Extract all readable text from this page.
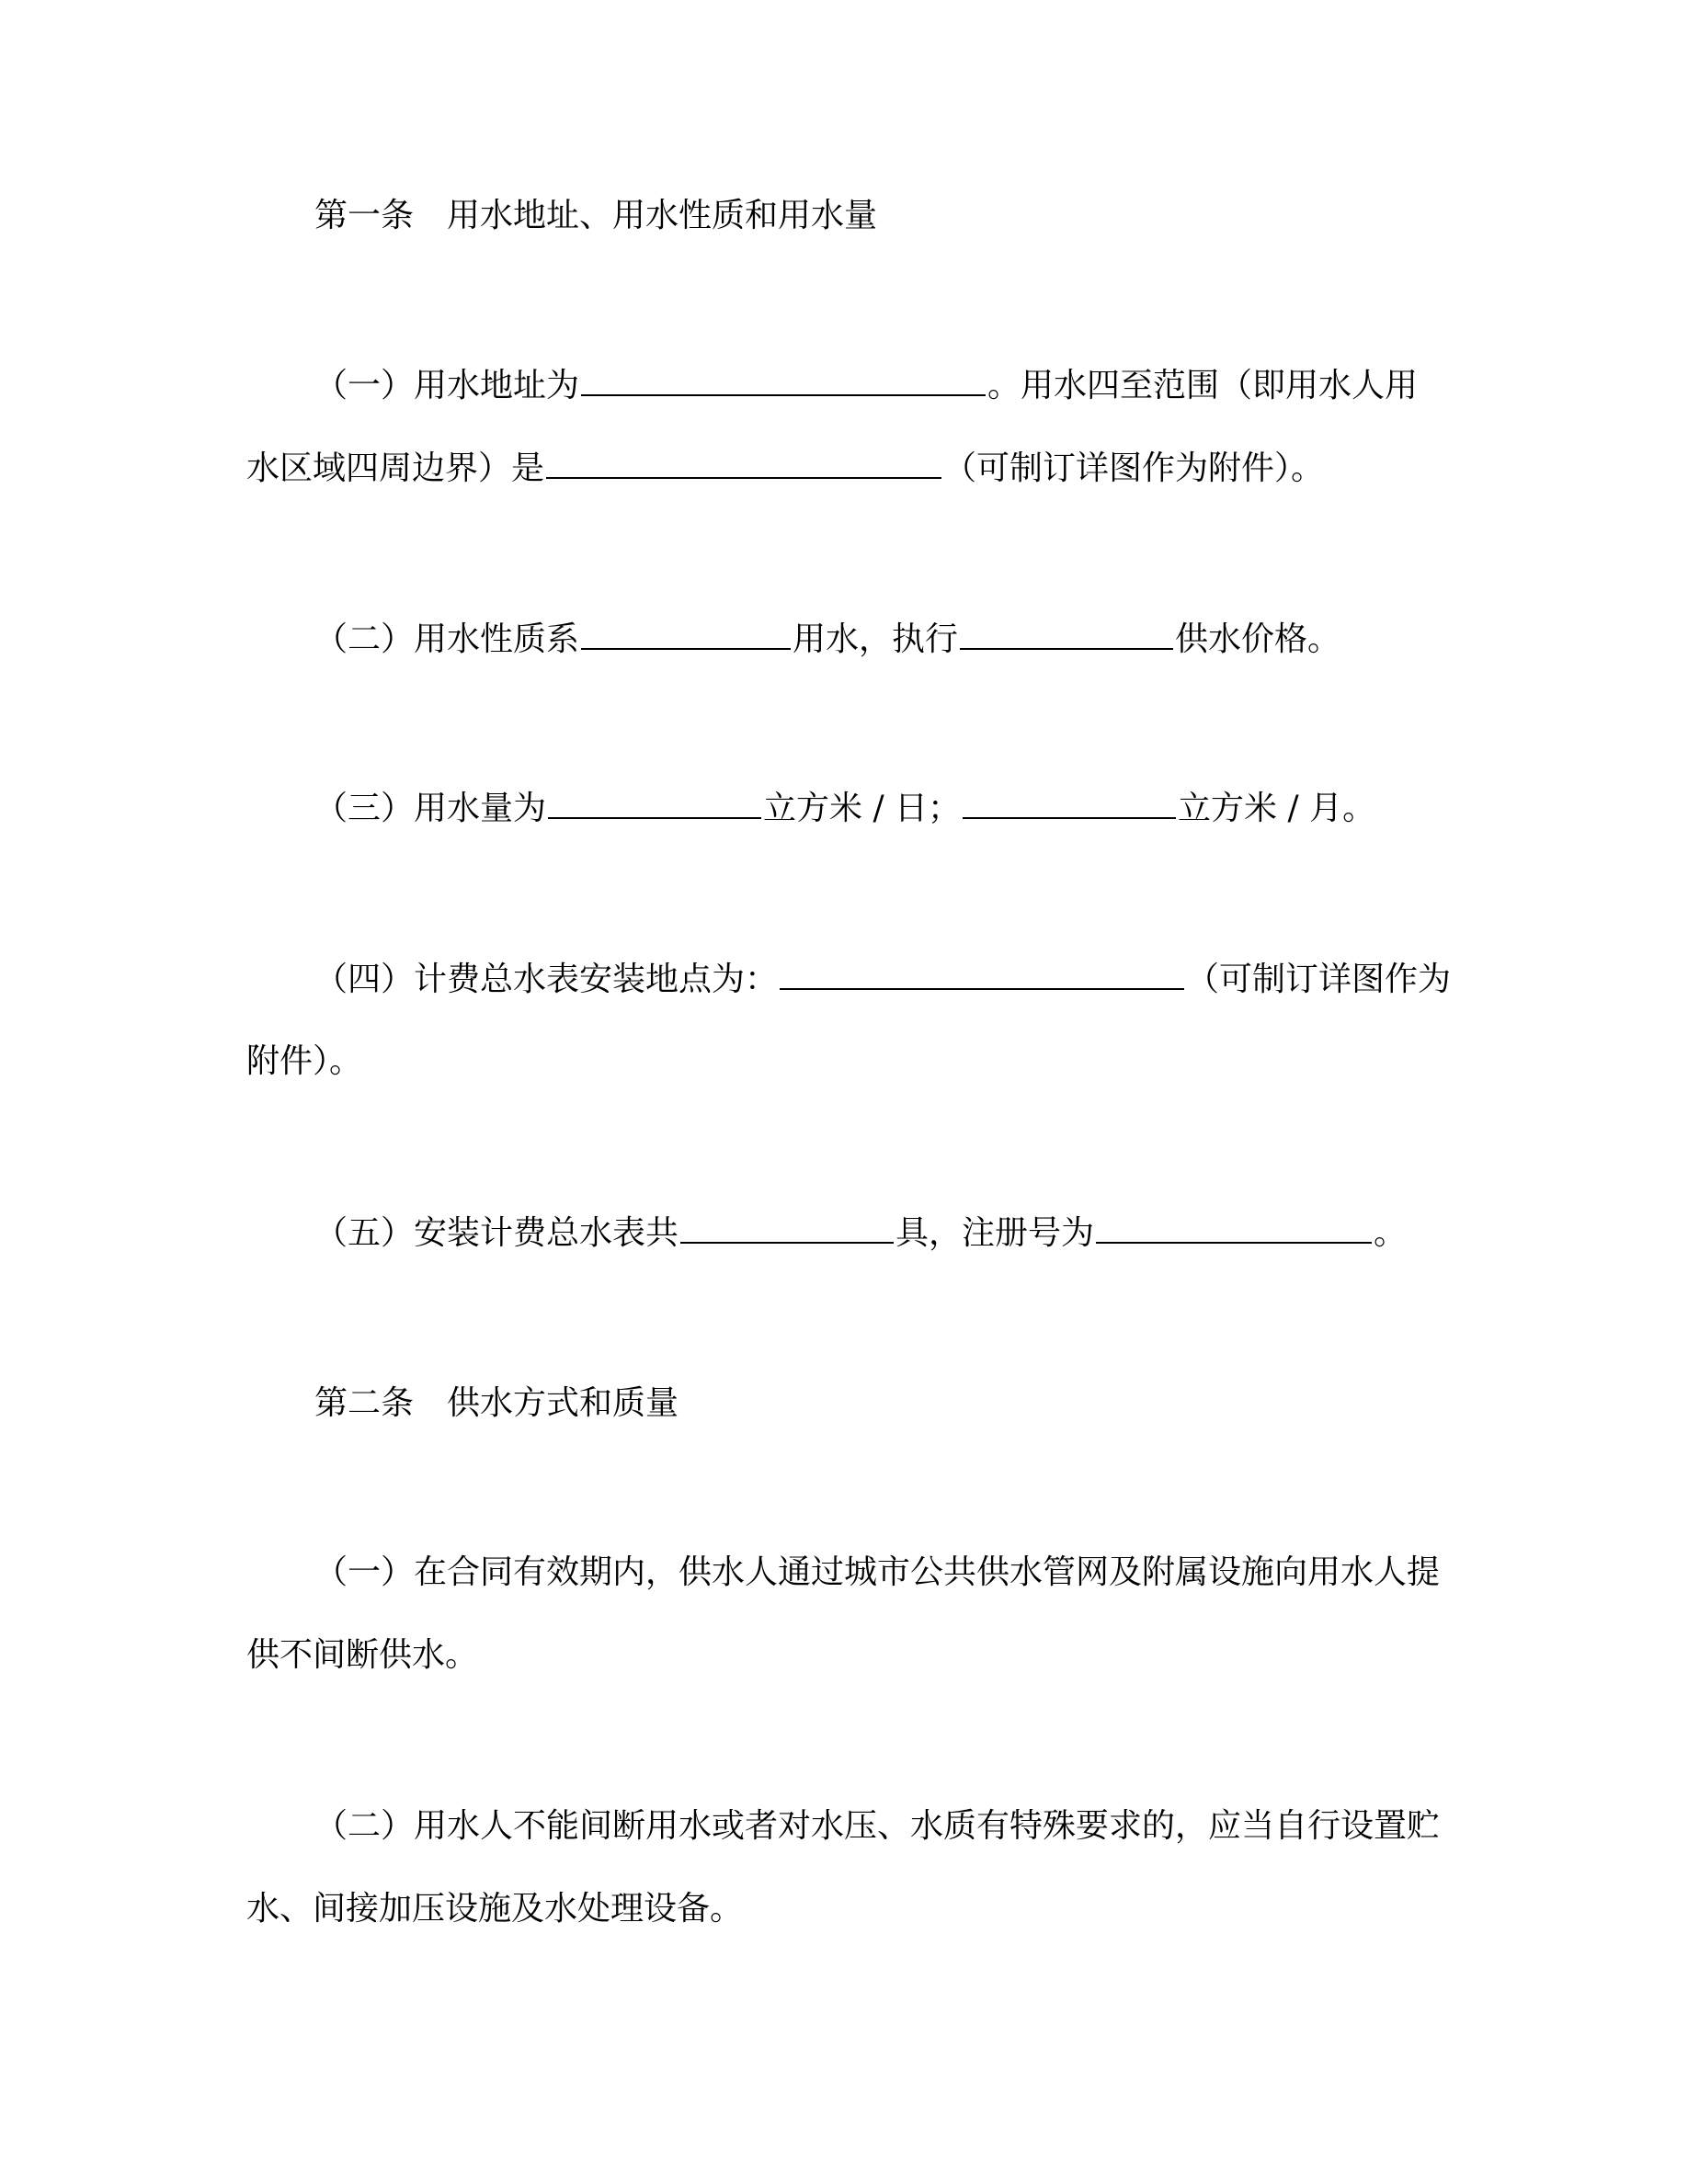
第一条　用水地址、用水性质和用水量
（一）用水地址为	。用水四至范围（即用水人用
水区域四周边界）是	（可制订详图作为附件）。
（二）用水性质系	用水，执行	供水价格。
（三）用水量为	立方米 / 日；	立方米 / 月。
（四）计费总水表安装地点为：	（可制订详图作为
附件）。
（五）安装计费总水表共	具，注册号为	。
第二条　供水方式和质量
（一）在合同有效期内，供水人通过城市公共供水管网及附属设施向用水人提
供不间断供水。
（二）用水人不能间断用水或者对水压、水质有特殊要求的，应当自行设置贮
水、间接加压设施及水处理设备。
